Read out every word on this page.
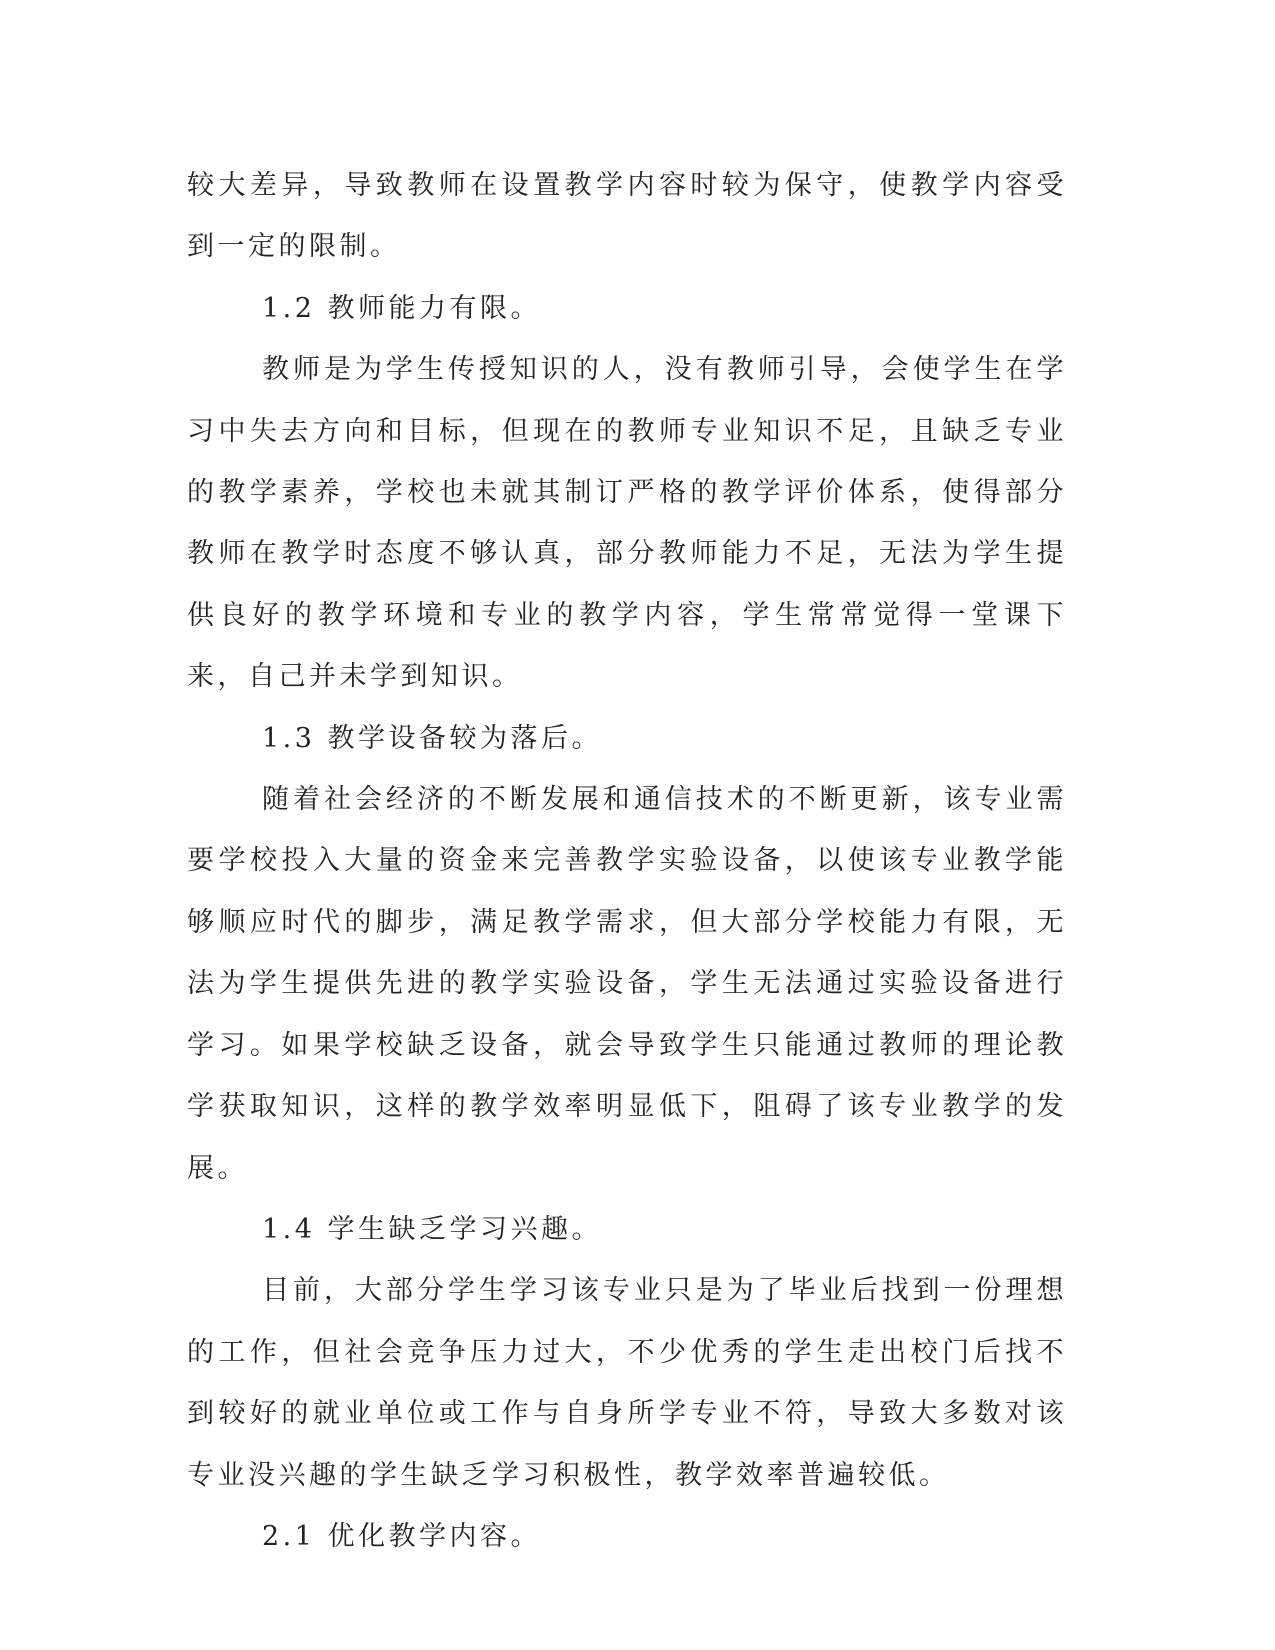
较大差异，导致教师在设置教学内容时较为保守，使教学内容受到一定的限制。

1.2 教师能力有限。

教师是为学生传授知识的人，没有教师引导，会使学生在学习中失去方向和目标，但现在的教师专业知识不足，且缺乏专业的教学素养，学校也未就其制订严格的教学评价体系，使得部分教师在教学时态度不够认真，部分教师能力不足，无法为学生提供良好的教学环境和专业的教学内容，学生常常觉得一堂课下来，自己并未学到知识。

1.3 教学设备较为落后。

随着社会经济的不断发展和通信技术的不断更新，该专业需要学校投入大量的资金来完善教学实验设备，以使该专业教学能够顺应时代的脚步，满足教学需求，但大部分学校能力有限，无法为学生提供先进的教学实验设备，学生无法通过实验设备进行学习。如果学校缺乏设备，就会导致学生只能通过教师的理论教学获取知识，这样的教学效率明显低下，阻碍了该专业教学的发展。

1.4 学生缺乏学习兴趣。

目前，大部分学生学习该专业只是为了毕业后找到一份理想的工作，但社会竞争压力过大，不少优秀的学生走出校门后找不到较好的就业单位或工作与自身所学专业不符，导致大多数对该专业没兴趣的学生缺乏学习积极性，教学效率普遍较低。

2.1 优化教学内容。
